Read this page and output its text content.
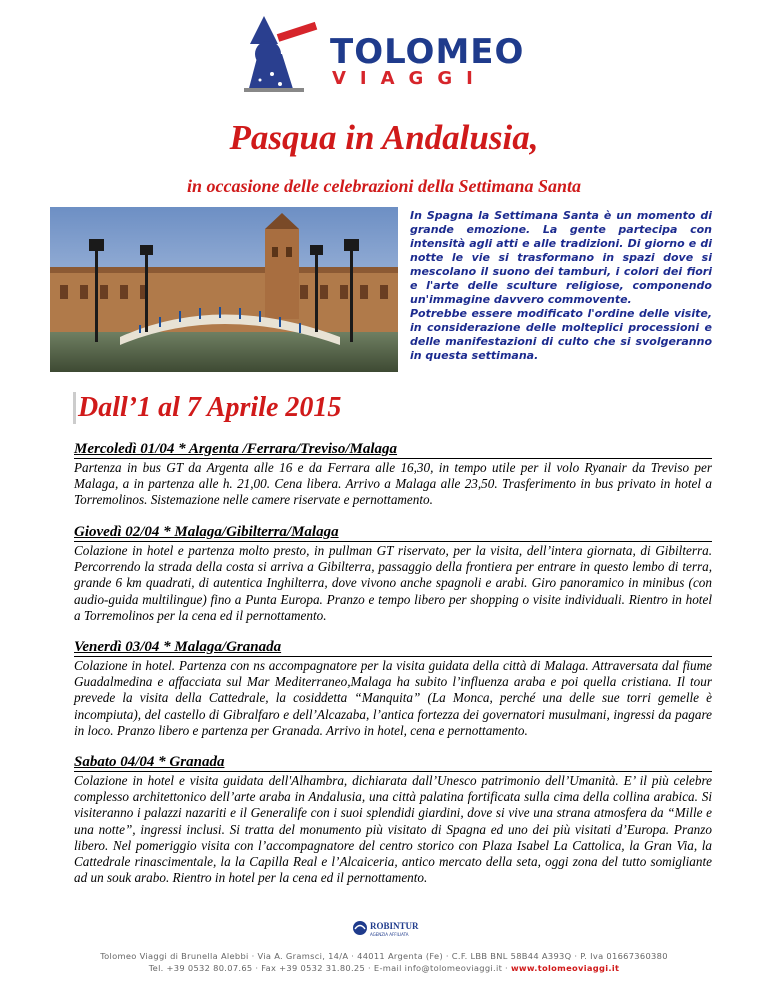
TOLOMEO
VIAGGI
Pasqua in Andalusia,
in occasione delle celebrazioni della Settimana Santa

In Spagna la Settimana Santa è un momento di grande emozione. La gente partecipa con intensità agli atti e alle tradizioni. Di giorno e di notte le vie si trasformano in spazi dove si mescolano il suono dei tamburi, i colori dei fiori e l'arte delle sculture religiose, componendo un'immagine davvero commovente.

Potrebbe essere modificato l'ordine delle visite, in considerazione delle molteplici processioni e delle manifestazioni di culto che si svolgeranno in questa settimana.

Dall’1 al 7 Aprile 2015
Mercoledì 01/04 * Argenta /Ferrara/Treviso/Malaga
Partenza in bus GT da Argenta alle 16 e da Ferrara alle 16,30, in tempo utile per il volo Ryanair da Treviso per Malaga, a in partenza alle h. 21,00. Cena libera. Arrivo a Malaga alle 23,50. Trasferimento in bus privato in hotel a Torremolinos. Sistemazione nelle camere riservate e pernottamento.
Giovedì 02/04 * Malaga/Gibilterra/Malaga
Colazione in hotel e partenza molto presto, in pullman GT riservato, per la visita, dell’intera giornata, di Gibilterra. Percorrendo la strada della costa si arriva a Gibilterra, passaggio della frontiera per entrare in questo lembo di terra, grande 6 km quadrati, di autentica Inghilterra, dove vivono anche spagnoli e arabi. Giro panoramico in minibus (con audio-guida multilingue) fino a Punta Europa. Pranzo e tempo libero per shopping o visite individuali. Rientro in hotel a Torremolinos per la cena ed il pernottamento.
Venerdì 03/04 * Malaga/Granada
Colazione in hotel. Partenza con ns accompagnatore per la visita guidata della città di Malaga. Attraversata dal fiume Guadalmedina e affacciata sul Mar Mediterraneo,Malaga ha subito l’influenza araba e poi quella cristiana. Il tour prevede la visita della Cattedrale, la cosiddetta “Manquita” (La Monca, perché una delle sue torri gemelle è incompiuta), del castello di Gibralfaro e dell’Alcazaba, l’antica fortezza dei governatori musulmani, ingressi da pagare in loco. Pranzo libero e partenza per Granada. Arrivo in hotel, cena e pernottamento.
Sabato 04/04 * Granada
Colazione in hotel e visita guidata dell'Alhambra, dichiarata dall’Unesco patrimonio dell’Umanità. E’ il più celebre complesso architettonico dell’arte araba in Andalusia, una città palatina fortificata sulla cima della collina arabica. Si visiteranno i palazzi nazariti e il Generalife con i suoi splendidi giardini, dove si vive una strana atmosfera da “Mille e una notte”, ingressi inclusi. Si tratta del monumento più visitato di Spagna ed uno dei più visitati d’Europa. Pranzo libero. Nel pomeriggio visita con l’accompagnatore del centro storico con Plaza Isabel La Cattolica, la Gran Via, la Cattedrale rinascimentale, la la Capilla Real e l’Alcaiceria, antico mercato della seta, oggi zona del tutto somigliante ad un souk arabo. Rientro in hotel per la cena ed il pernottamento.
ROBINTUR
AGENZIA AFFILIATA
Tolomeo Viaggi di Brunella Alebbi · Via A. Gramsci, 14/A · 44011 Argenta (Fe) · C.F. LBB BNL 58B44 A393Q · P. Iva 01667360380
Tel. +39 0532 80.07.65 · Fax +39 0532 31.80.25 · E-mail info@tolomeoviaggi.it · www.tolomeoviaggi.it
